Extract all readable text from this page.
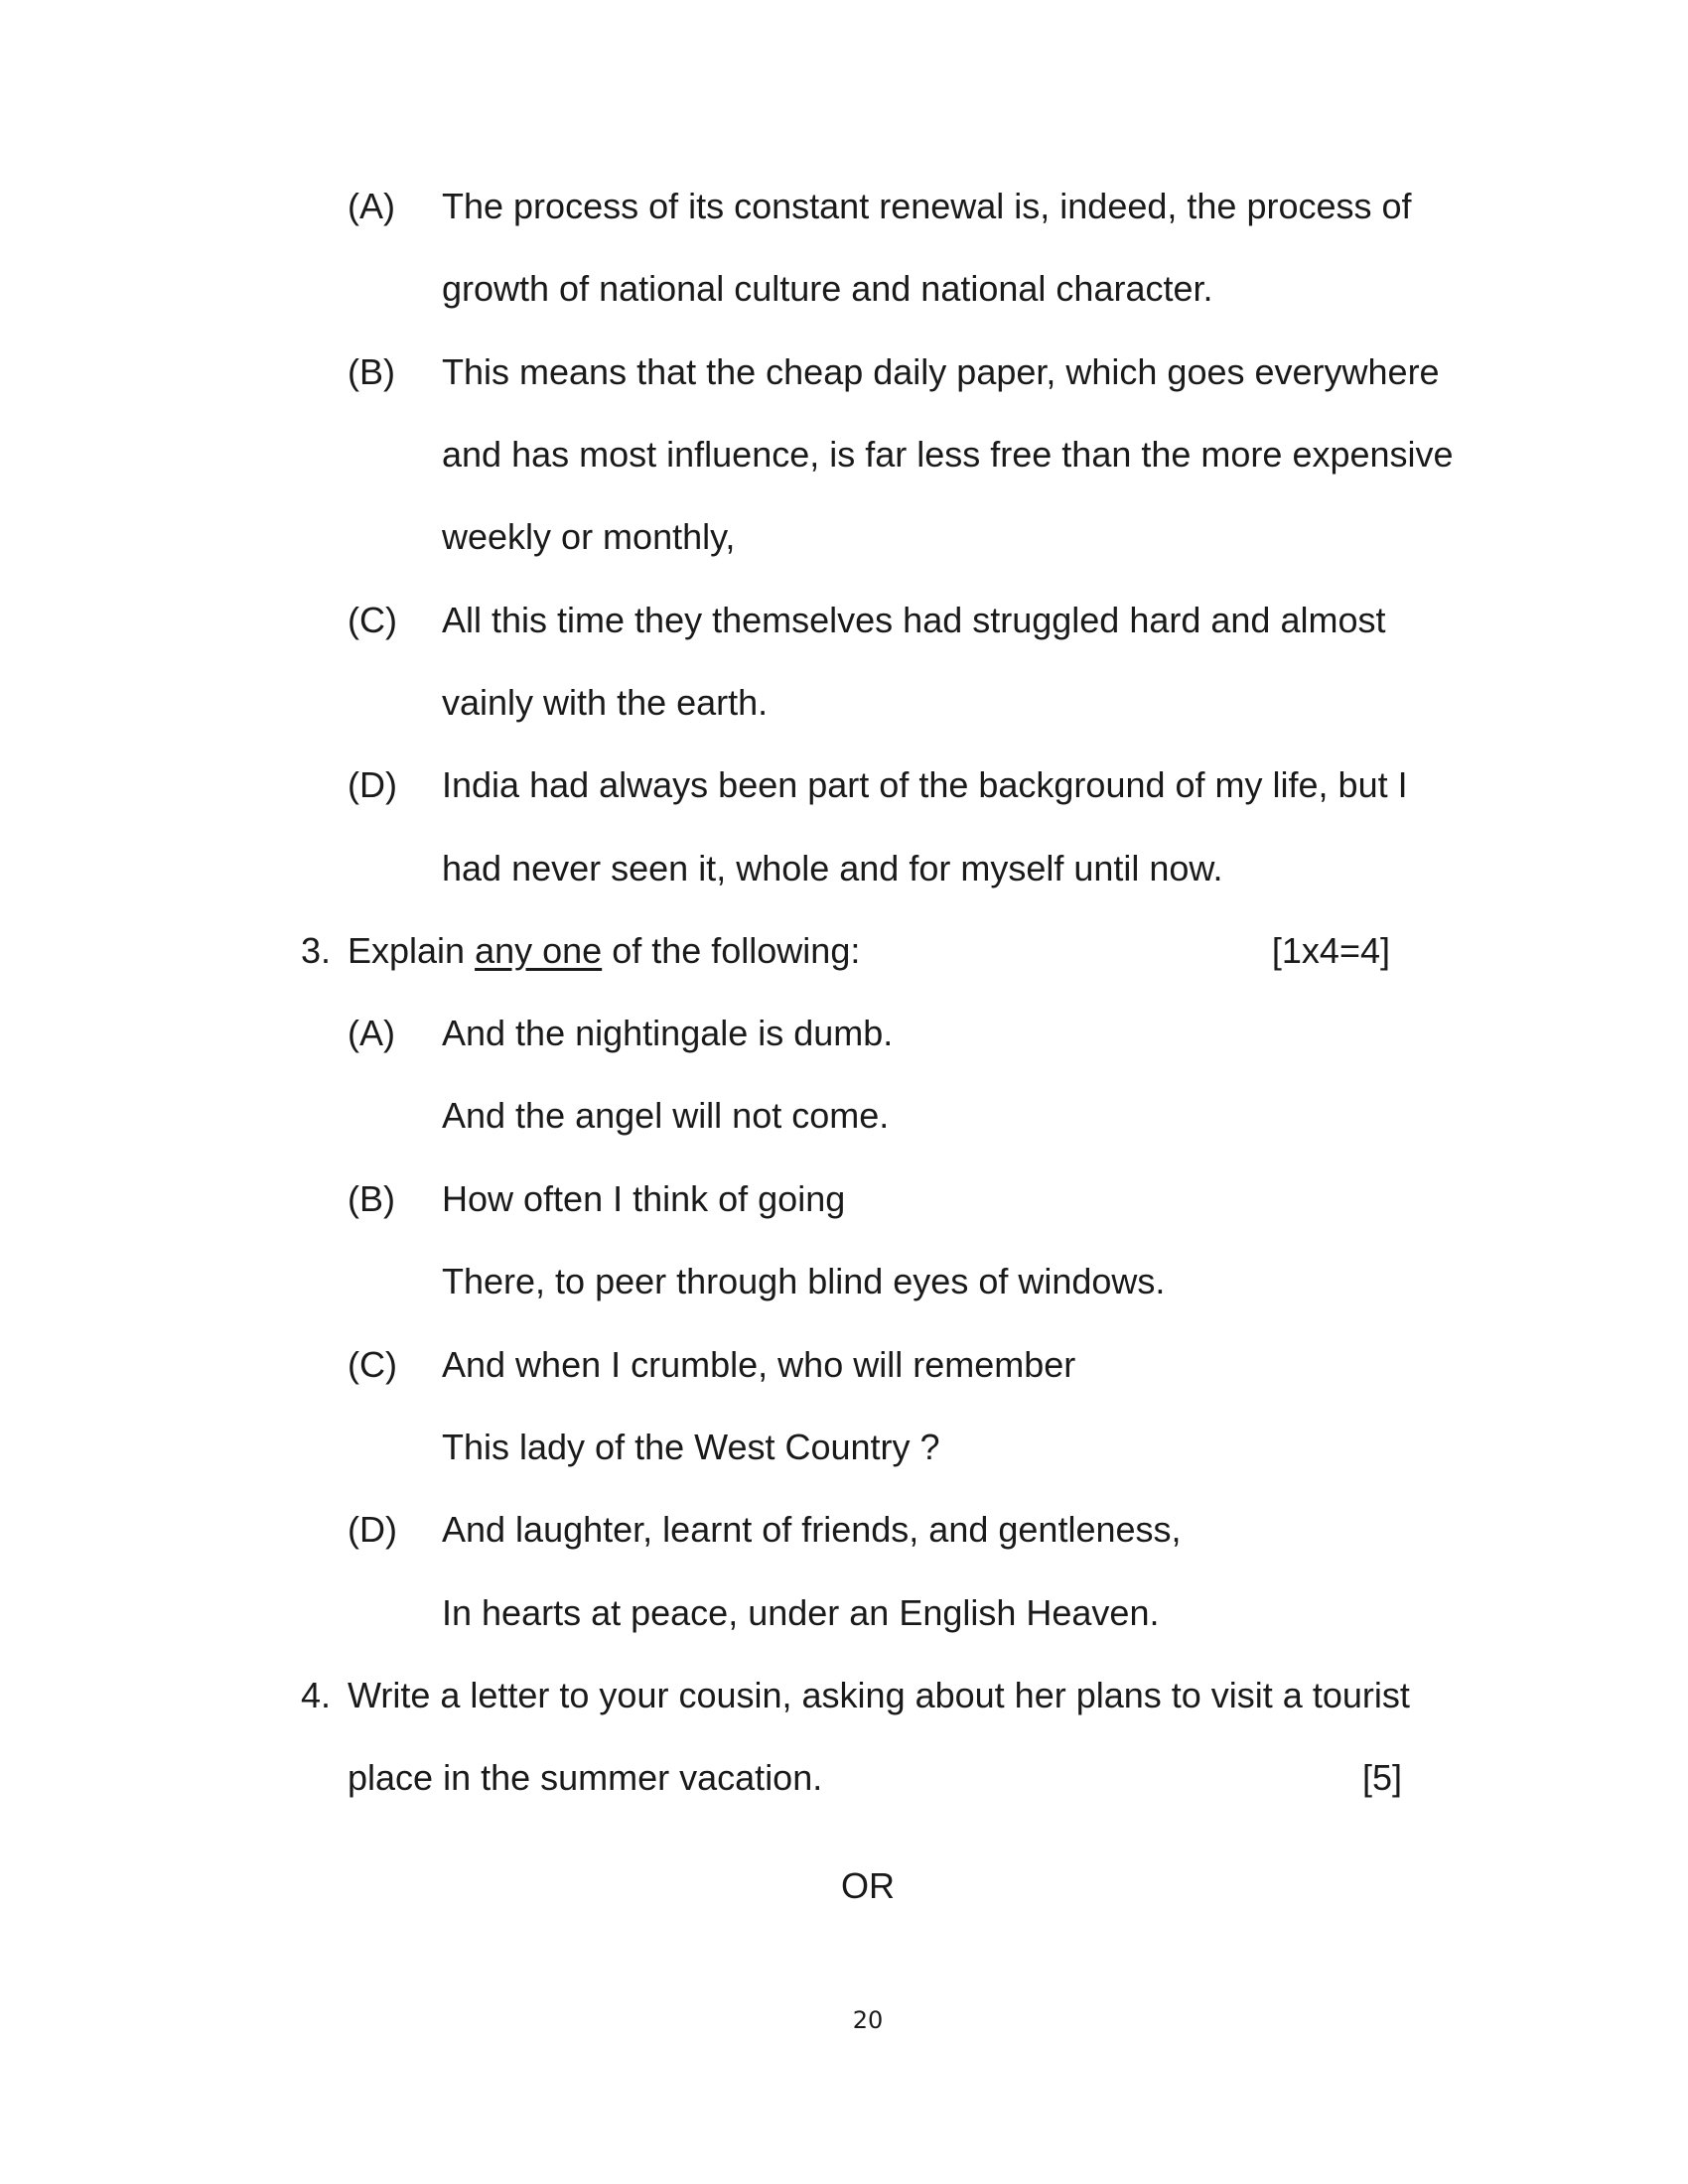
(A) The process of its constant renewal is, indeed, the process of
growth of national culture and national character.
(B) This means that the cheap daily paper, which goes everywhere
and has most influence, is far less free than the more expensive
weekly or monthly,
(C) All this time they themselves had struggled hard and almost
vainly with the earth.
(D) India had always been part of the background of my life, but I
had never seen it, whole and for myself until now.
3. Explain any one of the following:	[1x4=4]
(A) And the nightingale is dumb.
And the angel will not come.
(B) How often I think of going
There, to peer through blind eyes of windows.
(C) And when I crumble, who will remember
This lady of the West Country ?
(D) And laughter, learnt of friends, and gentleness,
In hearts at peace, under an English Heaven.
4. Write a letter to your cousin, asking about her plans to visit a tourist
place in the summer vacation.	[5]
OR
20
